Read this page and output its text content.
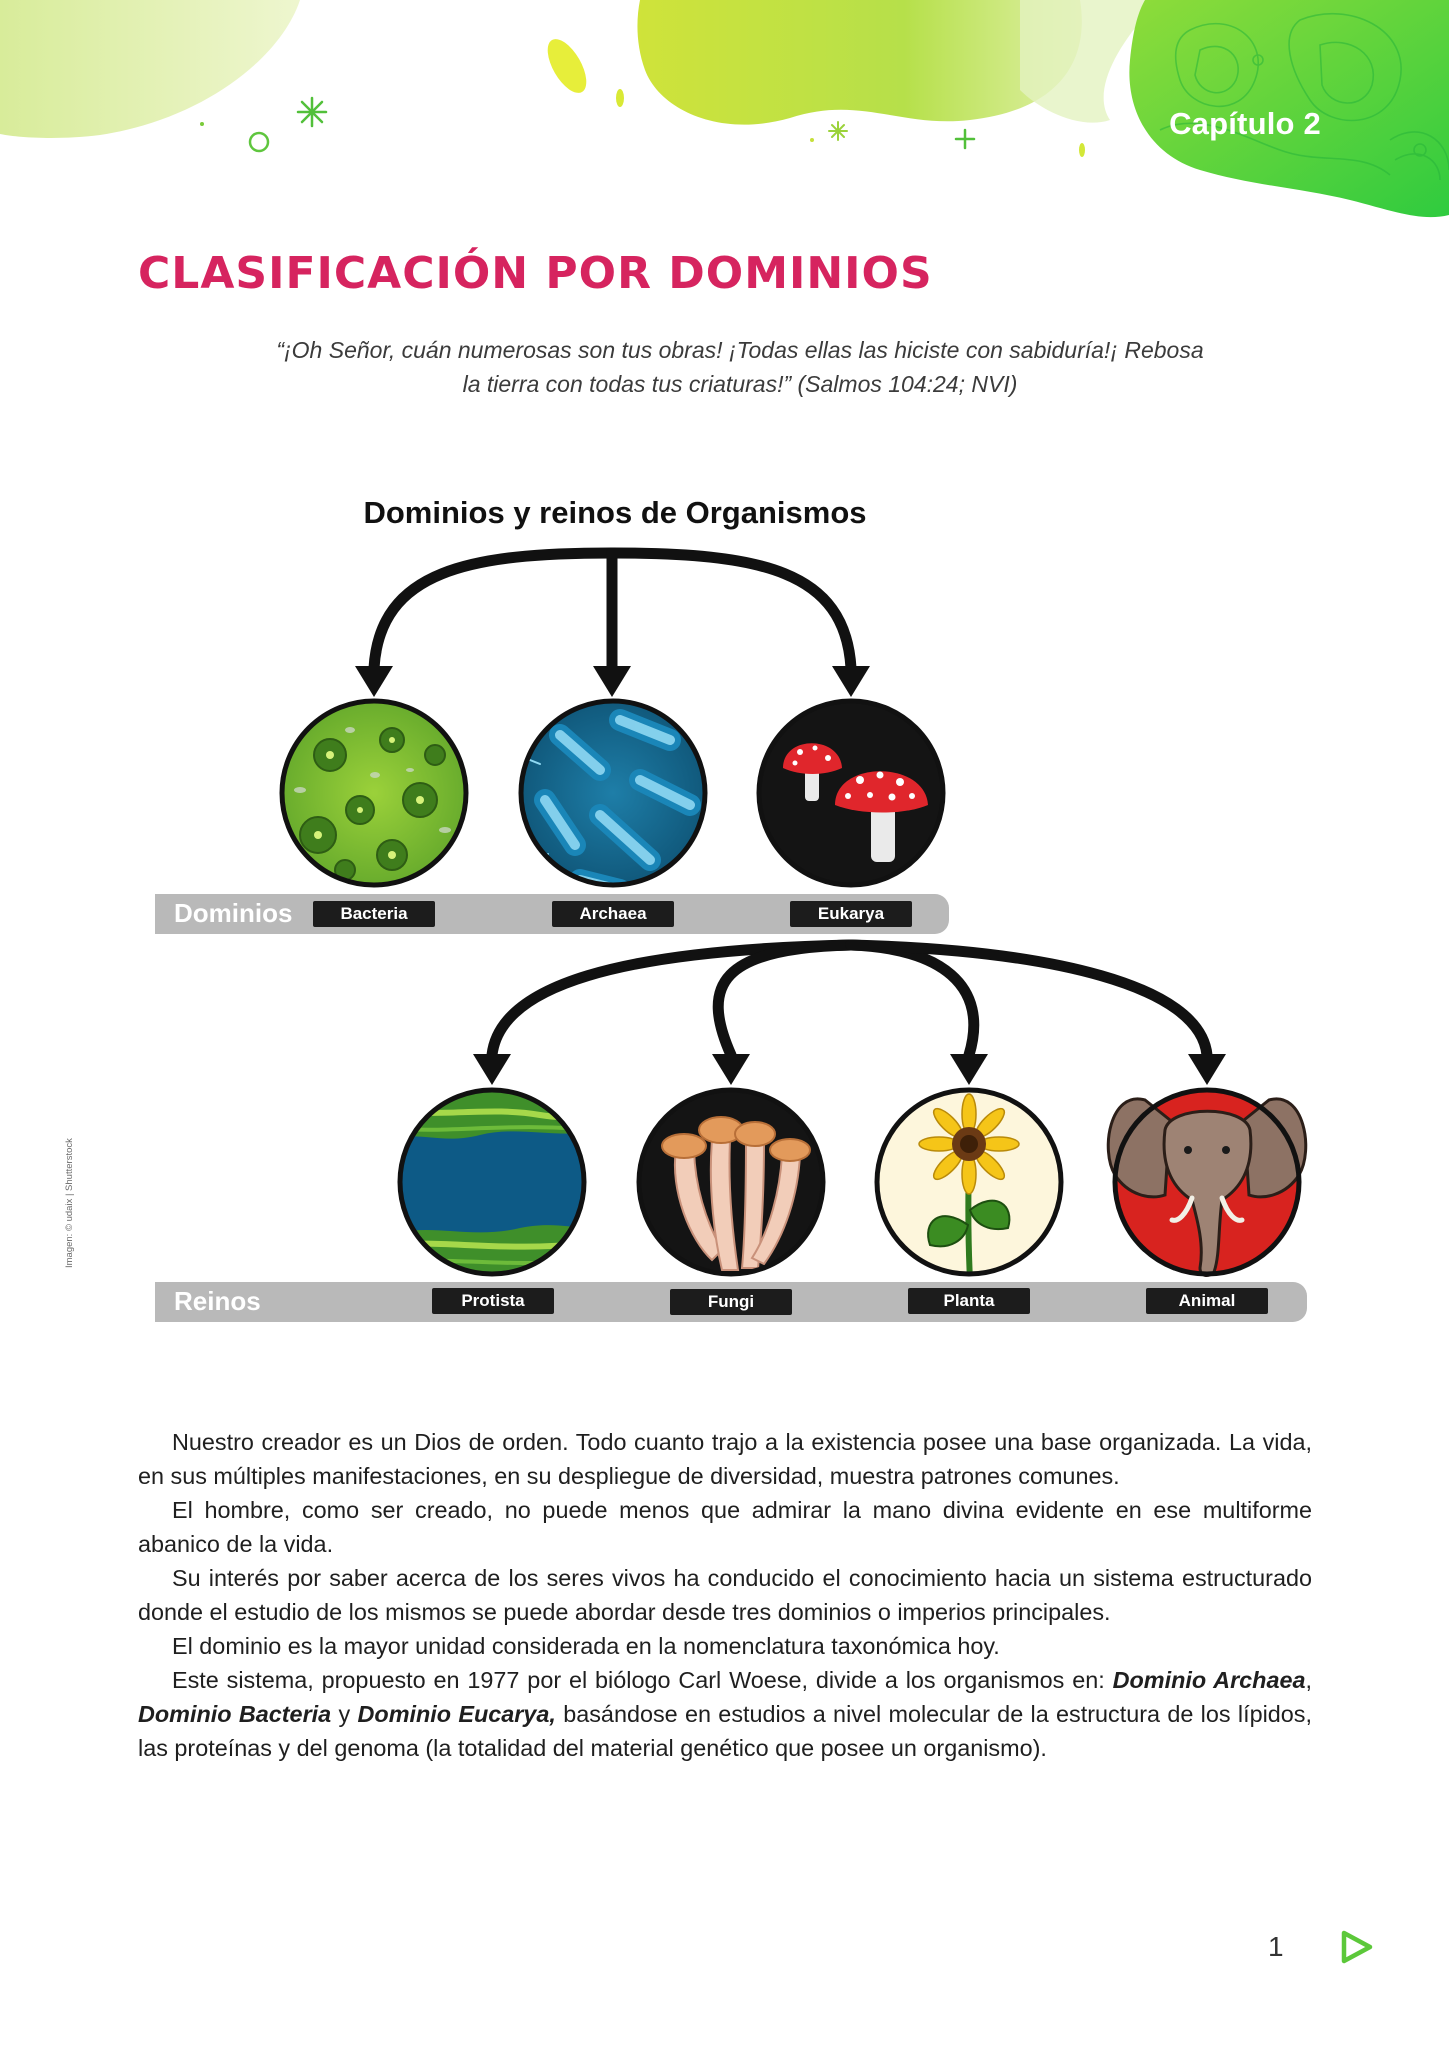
Capítulo 2
CLASIFICACIÓN POR DOMINIOS
“¡Oh Señor, cuán numerosas son tus obras! ¡Todas ellas las hiciste con sabiduría!¡ Rebosa
la tierra con todas tus criaturas!” (Salmos 104:24; NVI)
Dominios y reinos de Organismos
Dominios	Bacteria	Archaea	Eukarya
Reinos	Protista	Fungi	Planta	Animal
Imagen: © udaix | Shutterstock

Nuestro creador es un Dios de orden. Todo cuanto trajo a la existencia posee una base organizada. La vida, en sus múltiples manifestaciones, en su despliegue de diversidad, muestra patrones comunes.

El hombre, como ser creado, no puede menos que admirar la mano divina evidente en ese multiforme abanico de la vida.

Su interés por saber acerca de los seres vivos ha conducido el conocimiento hacia un sistema estructurado donde el estudio de los mismos se puede abordar desde tres dominios o imperios principales.

El dominio es la mayor unidad considerada en la nomenclatura taxonómica hoy.

Este sistema, propuesto en 1977 por el biólogo Carl Woese, divide a los organismos en: Dominio Archaea, Dominio Bacteria y Dominio Eucarya, basándose en estudios a nivel molecular de la estructura de los lípidos, las proteínas y del genoma (la totalidad del material genético que posee un organismo).

1
